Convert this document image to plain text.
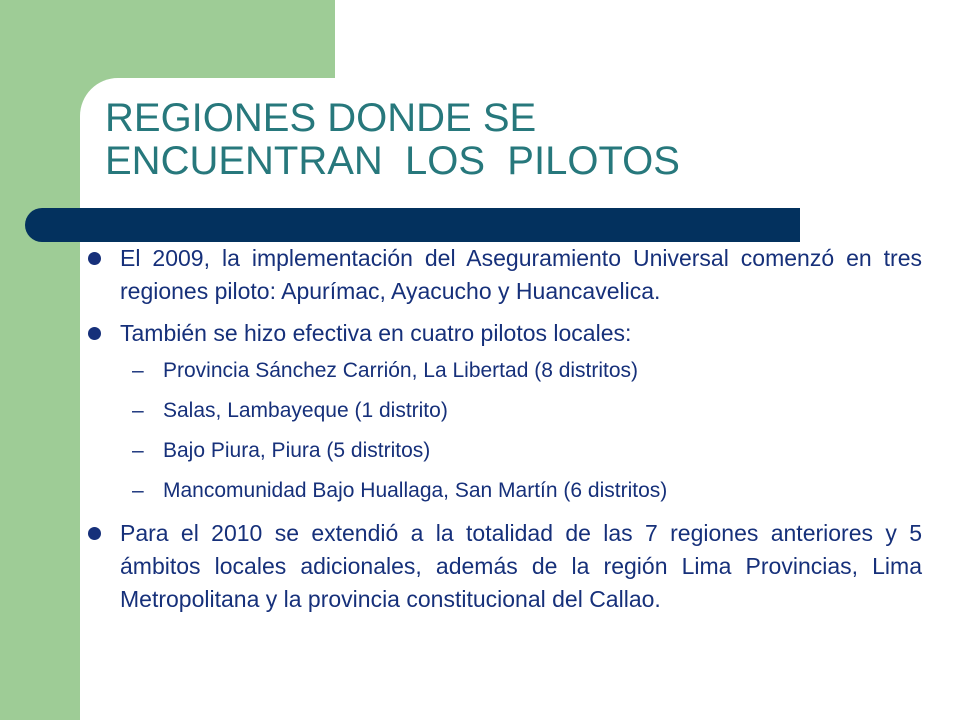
REGIONES DONDE SE
ENCUENTRAN  LOS  PILOTOS
El 2009, la implementación del Aseguramiento Universal comenzó en tres regiones piloto: Apurímac, Ayacucho y Huancavelica.
También se hizo efectiva en cuatro pilotos locales:
– Provincia Sánchez Carrión, La Libertad (8 distritos)
– Salas, Lambayeque (1 distrito)
– Bajo Piura, Piura (5 distritos)
– Mancomunidad Bajo Huallaga, San Martín (6 distritos)
Para el 2010 se extendió a la totalidad de las 7 regiones anteriores y 5 ámbitos locales adicionales, además de la región Lima Provincias, Lima Metropolitana y la provincia constitucional del Callao.
